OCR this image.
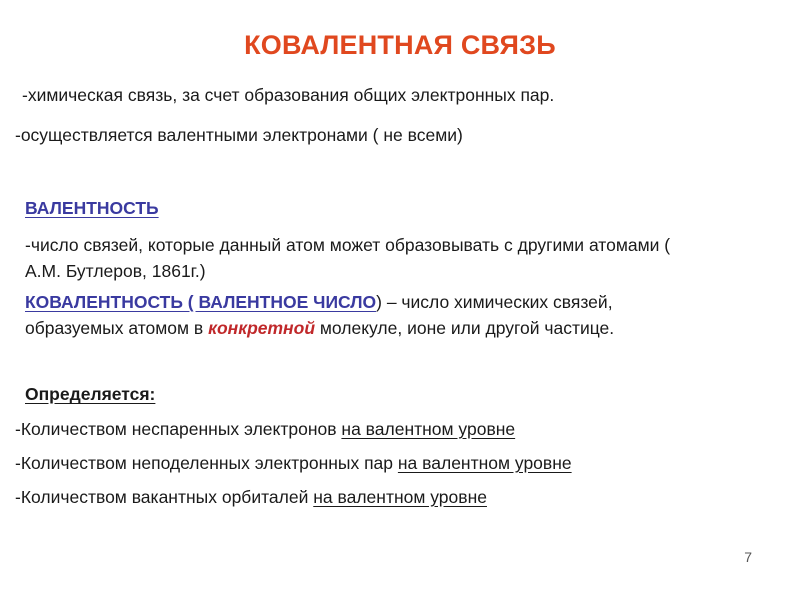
КОВАЛЕНТНАЯ СВЯЗЬ
-химическая связь, за счет образования общих электронных пар.
-осуществляется валентными электронами ( не всеми)
ВАЛЕНТНОСТЬ
-число связей, которые данный атом может образовывать с другими атомами (
А.М. Бутлеров, 1861г.)
КОВАЛЕНТНОСТЬ ( ВАЛЕНТНОЕ ЧИСЛО) – число химических связей,
образуемых атомом в конкретной молекуле, ионе или другой частице.
Определяется:
-Количеством неспаренных электронов на валентном уровне
-Количеством неподеленных электронных пар на валентном уровне
-Количеством вакантных орбиталей на валентном уровне
7
